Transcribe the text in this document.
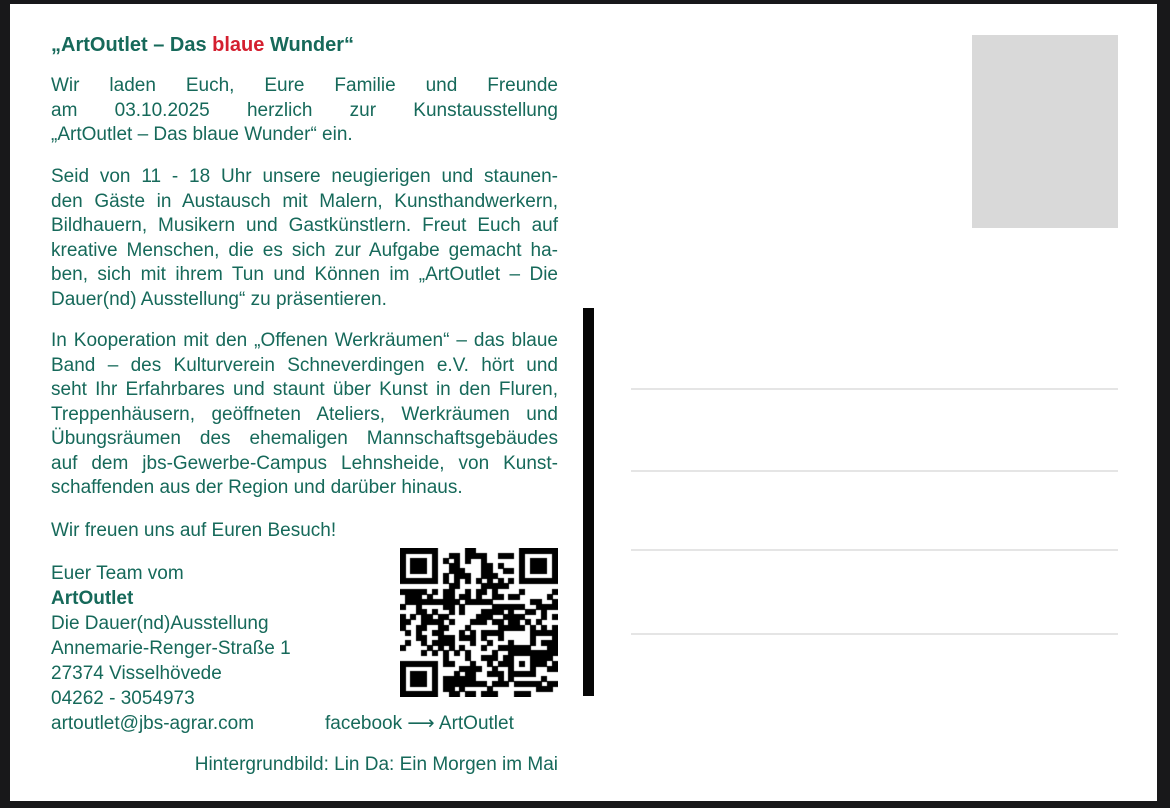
„ArtOutlet – Das blaue Wunder“
Wir laden Euch, Eure Familie und Freunde
am 03.10.2025 herzlich zur Kunstausstellung
„ArtOutlet – Das blaue Wunder“ ein.
Seid von 11 - 18 Uhr unsere neugierigen und staunen-
den Gäste in Austausch mit Malern, Kunsthandwerkern,
Bildhauern, Musikern und Gastkünstlern. Freut Euch auf
kreative Menschen, die es sich zur Aufgabe gemacht ha-
ben, sich mit ihrem Tun und Können im „ArtOutlet – Die
Dauer(nd) Ausstellung“ zu präsentieren.
In Kooperation mit den „Offenen Werkräumen“ – das blaue
Band – des Kulturverein Schneverdingen e.V. hört und
seht Ihr Erfahrbares und staunt über Kunst in den Fluren,
Treppenhäusern, geöffneten Ateliers, Werkräumen und
Übungsräumen des ehemaligen Mannschaftsgebäudes
auf dem jbs-Gewerbe-Campus Lehnsheide, von Kunst-
schaffenden aus der Region und darüber hinaus.
Wir freuen uns auf Euren Besuch!
Euer Team vom
ArtOutlet
Die Dauer(nd)Ausstellung
Annemarie-Renger-Straße 1
27374 Visselhövede
04262 - 3054973
artoutlet@jbs-agrar.com	facebook ⟶ ArtOutlet
Hintergrundbild: Lin Da: Ein Morgen im Mai
